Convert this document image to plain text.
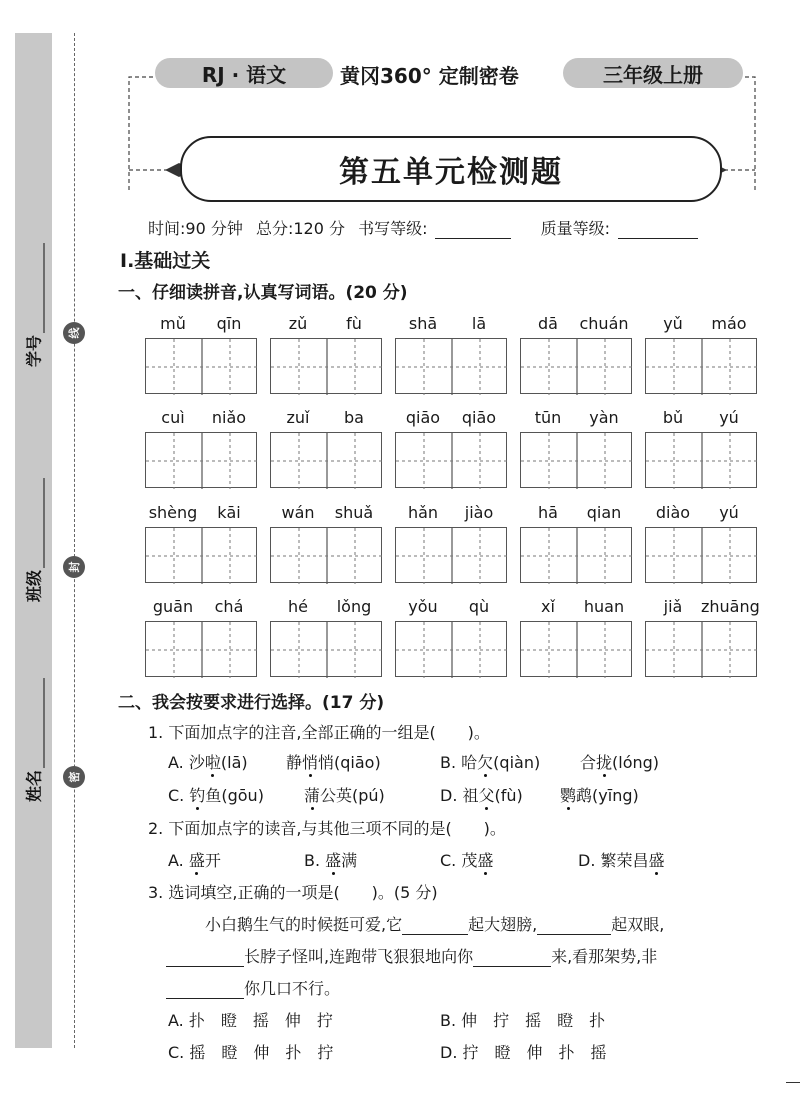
学号
班级
姓名
线
封
密
RJ · 语文	黄冈360° 定制密卷	三年级上册
第五单元检测题
时间:90 分钟 总分:120 分 书写等级:	质量等级:
Ⅰ.基础过关
一、仔细读拼音,认真写词语。(20 分)
mǔ	qīn	zǔ	fù	shā	lā	dā	chuán	yǔ	máo
cuì	niǎo	zuǐ	ba	qiāo	qiāo	tūn	yàn	bǔ	yú
shèng	kāi	wán	shuǎ	hǎn	jiào	hā	qian	diào	yú
guān	chá	hé	lǒng	yǒu	qù	xǐ	huan	jiǎ	zhuāng
二、我会按要求进行选择。(17 分)
1. 下面加点字的注音,全部正确的一组是(　　)。
A. 沙啦(lā) 静悄悄(qiāo)	B. 哈欠(qiàn) 合拢(lóng)
C. 钓鱼(gōu)	蒲公英(pú)	D. 祖父(fù) 鹦鹉(yīng)
2. 下面加点字的读音,与其他三项不同的是(　　)。
A. 盛开	B. 盛满	C. 茂盛	D. 繁荣昌盛
3. 选词填空,正确的一项是(　　)。(5 分)
小白鹅生气的时候挺可爱,它	起大翅膀,	起双眼,
长脖子怪叫,连跑带飞狠狠地向你	来,看那架势,非
你几口不行。
A. 扑　瞪　摇　伸　拧	B. 伸　拧　摇　瞪　扑
C. 摇　瞪　伸　扑　拧	D. 拧　瞪　伸　扑　摇
